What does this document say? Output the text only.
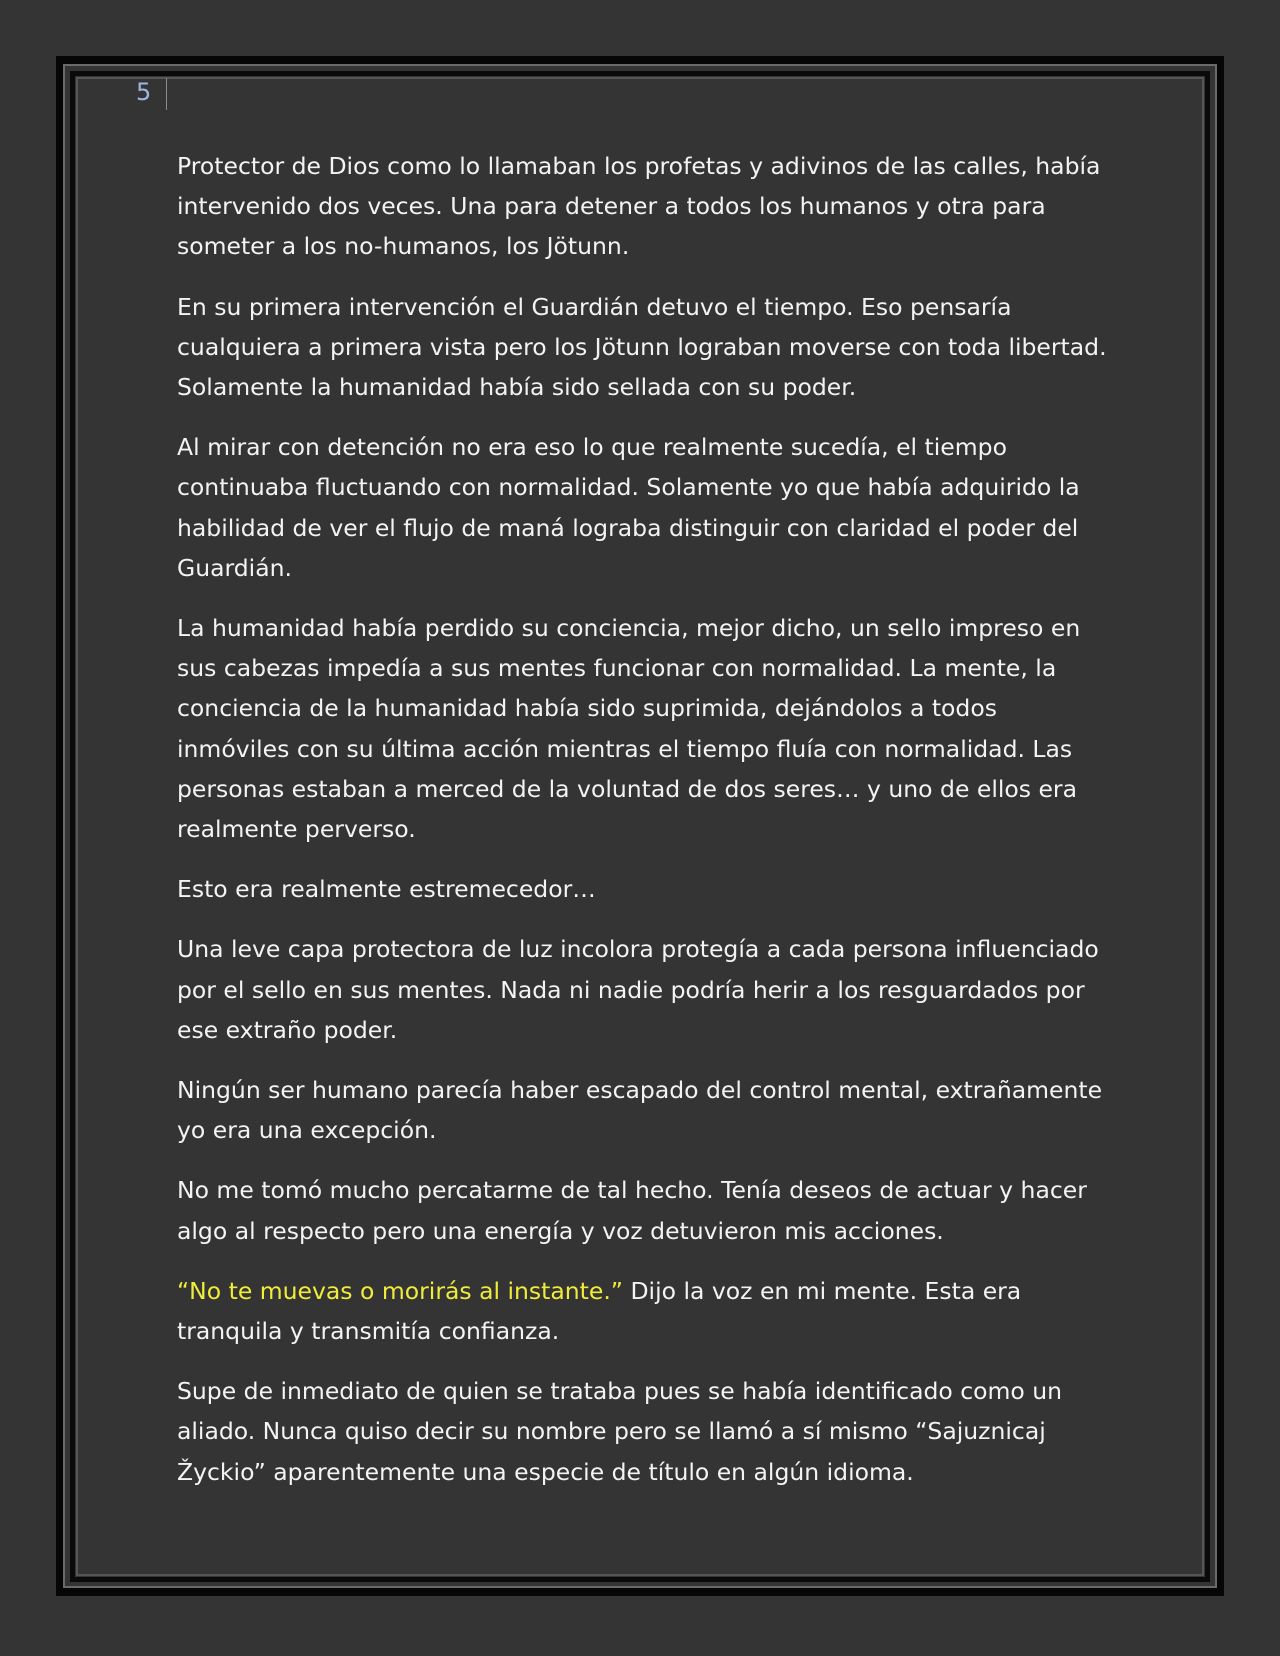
5

Protector de Dios como lo llamaban los profetas y adivinos de las calles, había intervenido dos veces. Una para detener a todos los humanos y otra para someter a los no-humanos, los Jötunn.

En su primera intervención el Guardián detuvo el tiempo. Eso pensaría cualquiera a primera vista pero los Jötunn lograban moverse con toda libertad. Solamente la humanidad había sido sellada con su poder.

Al mirar con detención no era eso lo que realmente sucedía, el tiempo continuaba fluctuando con normalidad. Solamente yo que había adquirido la habilidad de ver el flujo de maná lograba distinguir con claridad el poder del Guardián.

La humanidad había perdido su conciencia, mejor dicho, un sello impreso en sus cabezas impedía a sus mentes funcionar con normalidad. La mente, la conciencia de la humanidad había sido suprimida, dejándolos a todos inmóviles con su última acción mientras el tiempo fluía con normalidad. Las personas estaban a merced de la voluntad de dos seres… y uno de ellos era realmente perverso.

Esto era realmente estremecedor…

Una leve capa protectora de luz incolora protegía a cada persona influenciado por el sello en sus mentes. Nada ni nadie podría herir a los resguardados por ese extraño poder.

Ningún ser humano parecía haber escapado del control mental, extrañamente yo era una excepción.

No me tomó mucho percatarme de tal hecho. Tenía deseos de actuar y hacer algo al respecto pero una energía y voz detuvieron mis acciones.

“No te muevas o morirás al instante.” Dijo la voz en mi mente. Esta era tranquila y transmitía confianza.

Supe de inmediato de quien se trataba pues se había identificado como un aliado. Nunca quiso decir su nombre pero se llamó a sí mismo “Sajuznicaj Žyckio” aparentemente una especie de título en algún idioma.
